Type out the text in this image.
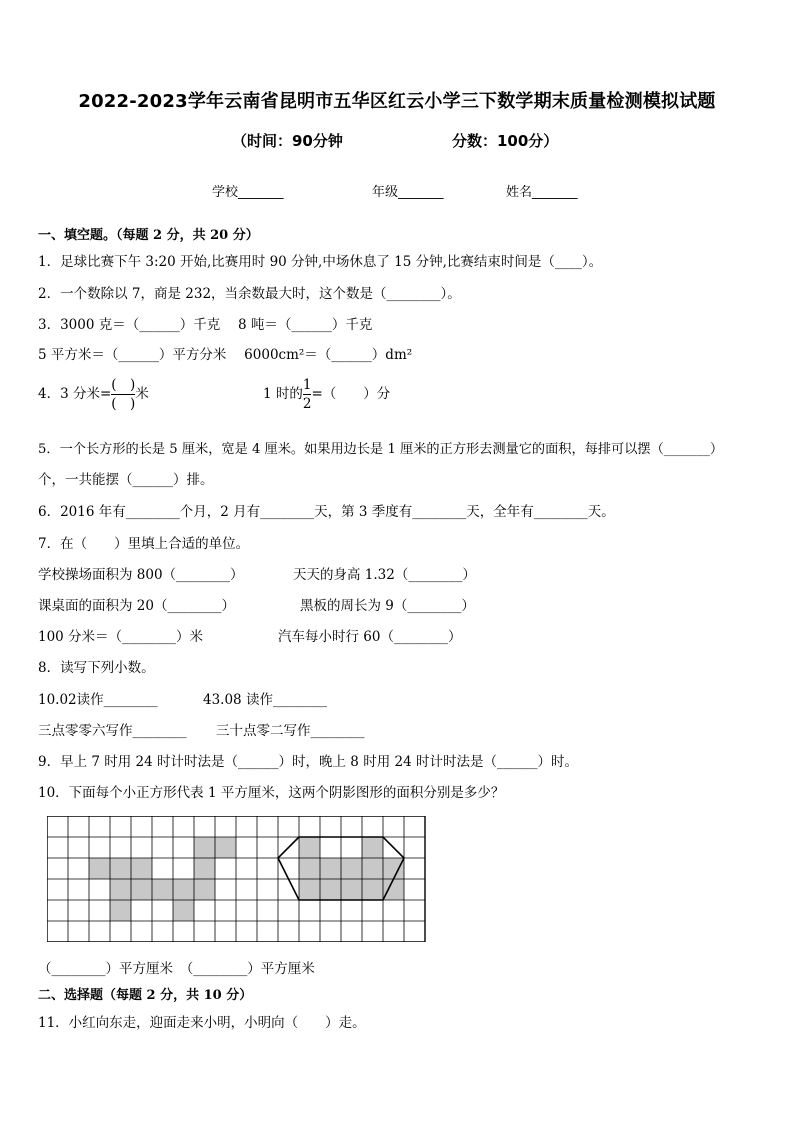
2022-2023学年云南省昆明市五华区红云小学三下数学期末质量检测模拟试题
（时间：90分钟	分数：100分）
学校_______	年级_______	姓名_______
一、填空题。（每题 2 分，共 20 分）
1．足球比赛下午 3:20 开始,比赛用时 90 分钟,中场休息了 15 分钟,比赛结束时间是（____）。
2．一个数除以 7，商是 232，当余数最大时，这个数是（________）。
3．3000 克＝（______）千克　 8 吨＝（______）千克
5 平方米＝（______）平方分米　 6000cm²＝（______）dm²
4．3 分米$=\frac{( )}{( )}$ 米	1 时的$\frac{1}{2}$ =（　　）分
5．一个长方形的长是 5 厘米，宽是 4 厘米。如果用边长是 1 厘米的正方形去测量它的面积，每排可以摆（_______）
个，一共能摆（______）排。
6．2016 年有________个月，2 月有________天，第 3 季度有________天，全年有________天。
7．在（　　）里填上合适的单位。
学校操场面积为 800（________）	天天的身高 1.32（________）
课桌面的面积为 20（________）	黑板的周长为 9（________）
100 分米＝（________）米	汽车每小时行 60（________）
8．读写下列小数。
10.02读作________	43.08 读作________
三点零零六写作________ 三十点零二写作________
9．早上 7 时用 24 时计时法是（______）时，晚上 8 时用 24 时计时法是（______）时。
10．下面每个小正方形代表 1 平方厘米，这两个阴影图形的面积分别是多少？
（________）平方厘米　（________）平方厘米
二、选择题（每题 2 分，共 10 分）
11．小红向东走，迎面走来小明，小明向（　　）走。
